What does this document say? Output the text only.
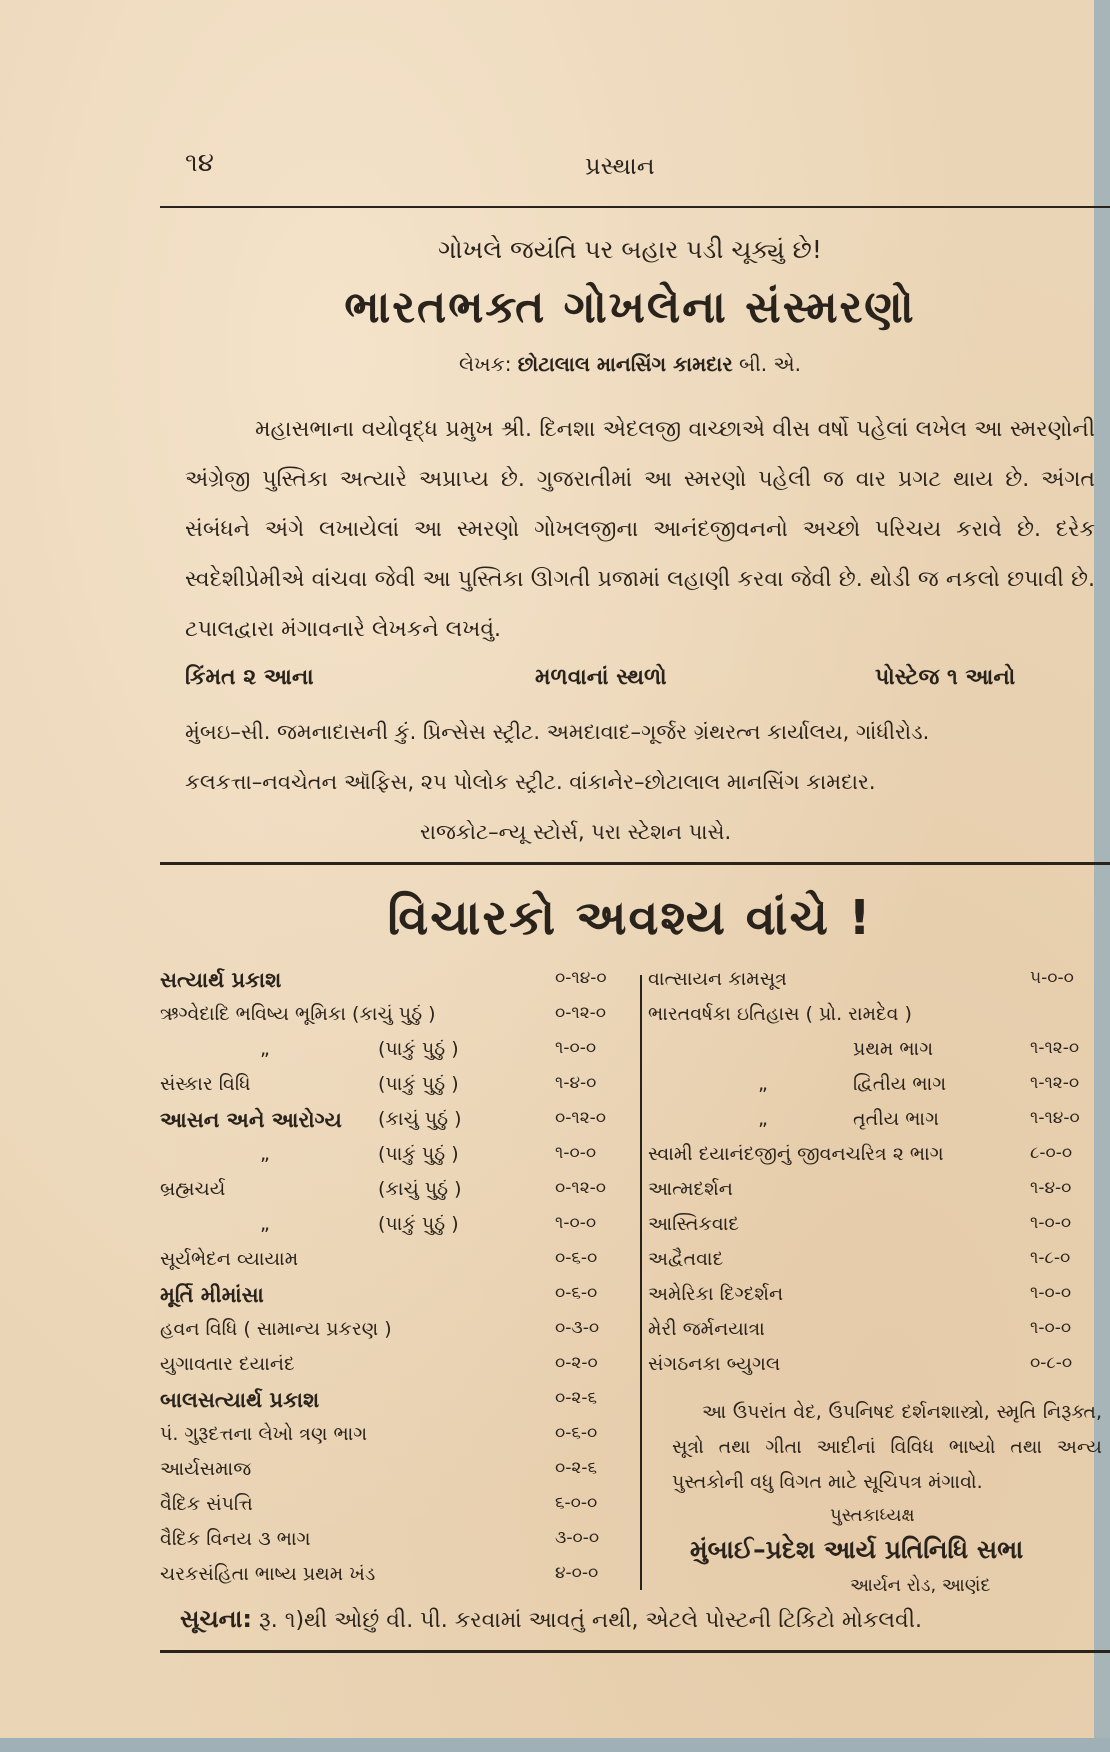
૧૪	પ્રસ્થાન
ગોખલે જયંતિ પર બહાર પડી ચૂક્યું છે!
ભારતભક્ત ગોખલેના સંસ્મરણો
લેખક: છોટાલાલ માનસિંગ કામદાર બી. એ.
મહાસભાના વયોવૃદ્ધ પ્રમુખ શ્રી. દિનશા એદલજી વાચ્છાએ વીસ વર્ષો પહેલાં લખેલ આ સ્મરણોની અંગ્રેજી પુસ્તિકા અત્યારે અપ્રાપ્ય છે. ગુજરાતીમાં આ સ્મરણો પહેલી જ વાર પ્રગટ થાય છે. અંગત સંબંધને અંગે લખાયેલાં આ સ્મરણો ગોખલજીના આનંદજીવનનો અચ્છો પરિચય કરાવે છે. દરેક સ્વદેશીપ્રેમીએ વાંચવા જેવી આ પુસ્તિકા ઊગતી પ્રજામાં લહાણી કરવા જેવી છે. થોડી જ નકલો છપાવી છે. ટપાલદ્વારા મંગાવનારે લેખકને લખવું.
કિંમત ૨ આના	મળવાનાં સ્થળો	પોસ્ટેજ ૧ આનો
મુંબઇ–સી. જમનાદાસની કું. પ્રિન્સેસ સ્ટ્રીટ. અમદાવાદ–ગૂર્જર ગ્રંથરત્ન કાર્યાલય, ગાંધીરોડ.
કલકત્તા–નવચેતન ઑફિસ, ૨૫ પોલોક સ્ટ્રીટ. વાંકાનેર–છોટાલાલ માનસિંગ કામદાર.
રાજકોટ–ન્યૂ સ્ટોર્સ, પરા સ્ટેશન પાસે.
વિચારકો અવશ્ય વાંચે !
સત્યાર્થ પ્રકાશ	૦-૧૪-૦
ઋગ્વેદાદિ ભવિષ્ય ભૂમિકા (કાચું પુઠું )	૦-૧૨-૦
„	(પાકું પુઠું )	૧-૦-૦
સંસ્કાર વિધિ	(પાકું પુઠું )	૧-૪-૦
આસન અને આરોગ્ય (કાચું પુઠું )	૦-૧૨-૦
„	(પાકું પુઠું )	૧-૦-૦
બ્રહ્મચર્ય	(કાચું પુઠું )	૦-૧૨-૦
„	(પાકું પુઠું )	૧-૦-૦
સૂર્યભેદન વ્યાયામ	૦-૬-૦
મૂર્તિ મીમાંસા	૦-૬-૦
હવન વિધિ ( સામાન્ય પ્રકરણ )	૦-૩-૦
યુગાવતાર દયાનંદ	૦-૨-૦
બાલસત્યાર્થ પ્રકાશ	૦-૨-૬
પં. ગુરૂદત્તના લેખો ત્રણ ભાગ	૦-૬-૦
આર્યસમાજ	૦-૨-૬
વૈદિક સંપત્તિ	૬-૦-૦
વૈદિક વિનય ૩ ભાગ	૩-૦-૦
ચરકસંહિતા ભાષ્ય પ્રથમ ખંડ	૪-૦-૦
વાત્સાયન કામસૂત્ર	૫-૦-૦
ભારતવર્ષકા ઇતિહાસ ( પ્રો. રામદેવ )
પ્રથમ ભાગ	૧-૧૨-૦
„	દ્વિતીય ભાગ	૧-૧૨-૦
„	તૃતીય ભાગ	૧-૧૪-૦
સ્વામી દયાનંદજીનું જીવનચરિત્ર ૨ ભાગ	૮-૦-૦
આત્મદર્શન	૧-૪-૦
આસ્તિકવાદ	૧-૦-૦
અદ્વૈતવાદ	૧-૮-૦
અમેરિકા દિગ્દર્શન	૧-૦-૦
મેરી જર્મનયાત્રા	૧-૦-૦
સંગઠનકા બ્યુગલ	૦-૮-૦
આ ઉપરાંત વેદ, ઉપનિષદ દર્શનશાસ્ત્રો, સ્મૃતિ નિરૂક્ત, સૂત્રો તથા ગીતા આદીનાં વિવિધ ભાષ્યો તથા અન્ય પુસ્તકોની વધુ વિગત માટે સૂચિપત્ર મંગાવો.
પુસ્તકાધ્યક્ષ
મુંબાઈ–પ્રદેશ આર્ય પ્રતિનિધિ સભા
આર્યન રોડ, આણંદ
સૂચના: રૂ. ૧)થી ઓછું વી. પી. કરવામાં આવતું નથી, એટલે પોસ્ટની ટિકિટો મોકલવી.
